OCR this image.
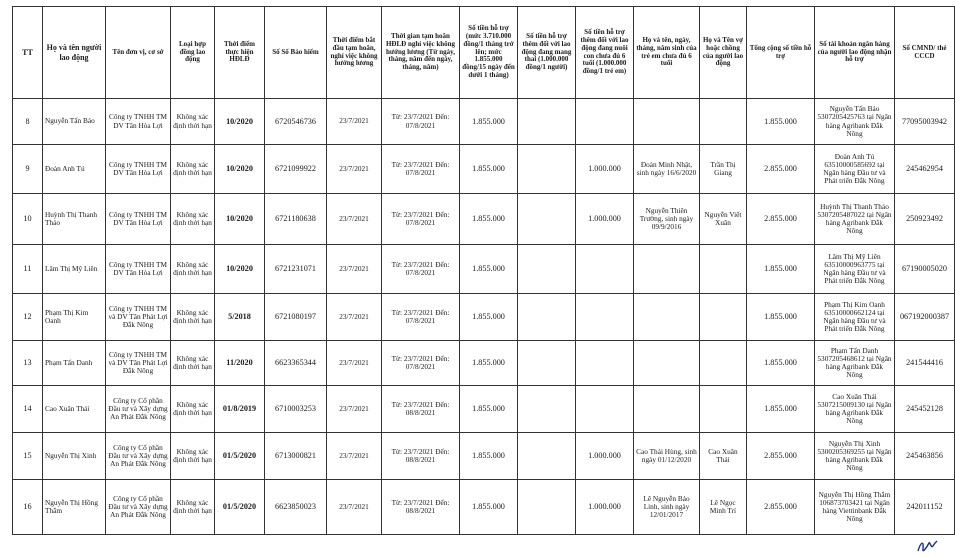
TT	Họ và tên người lao động	Tên đơn vị, cơ sở	Loại hợp đồng lao động	Thời điểm thực hiện HĐLĐ	Số Sổ Bảo hiểm	Thời điểm bắt đầu tạm hoãn, nghỉ việc không hưởng lương	Thời gian tạm hoãn HĐLĐ nghỉ việc không hưởng lương (Từ ngày, tháng, năm đến ngày, tháng, năm)	Số tiền hỗ trợ (mức 3.710.000 đồng/1 tháng trở lên; mức 1.855.000 đồng/15 ngày đến dưới 1 tháng)	Số tiền hỗ trợ thêm đối với lao động đang mang thai (1.000.000 đồng/1 người)	Số tiền hỗ trợ thêm đối với lao động đang nuôi con chưa đủ 6 tuổi (1.000.000 đồng/1 trẻ em)	Họ và tên, ngày, tháng, năm sinh của trẻ em chưa đủ 6 tuổi	Họ và Tên vợ hoặc chồng của người lao động	Tổng cộng số tiền hỗ trợ	Số tài khoản ngân hàng của người lao động nhận hỗ trợ	Số CMND/ thẻ CCCD
8	Nguyễn Tấn Bảo	Công ty TNHH TM DV Tân Hòa Lợi	Không xác định thời hạn	10/2020	6720546736	23/7/2021	Từ: 23/7/2021 Đến: 07/8/2021	1.855.000					1.855.000	Nguyễn Tấn Bảo 5307205425763 tại Ngân hàng Agribank Đắk Nông	77095003942
9	Đoàn Anh Tú	Công ty TNHH TM DV Tân Hòa Lợi	Không xác định thời hạn	10/2020	6721099922	23/7/2021	Từ: 23/7/2021 Đến: 07/8/2021	1.855.000		1.000.000	Đoàn Minh Nhật, sinh ngày 16/6/2020	Trần Thị Giang	2.855.000	Đoàn Anh Tú 63510000585692 tại Ngân hàng Đầu tư và Phát triển Đắk Nông	245462954
10	Huỳnh Thị Thanh Thảo	Công ty TNHH TM DV Tân Hòa Lợi	Không xác định thời hạn	10/2020	6721180638	23/7/2021	Từ: 23/7/2021 Đến: 07/8/2021	1.855.000		1.000.000	Nguyễn Thiên Trường, sinh ngày 09/9/2016	Nguyễn Viết Xuân	2.855.000	Huỳnh Thị Thanh Thảo 5307205487022 tại Ngân hàng Agribank Đắk Nông	250923492
11	Lâm Thị Mỹ Liên	Công ty TNHH TM DV Tân Hòa Lợi	Không xác định thời hạn	10/2020	6721231071	23/7/2021	Từ: 23/7/2021 Đến: 07/8/2021	1.855.000					1.855.000	Lâm Thị Mỹ Liên 63510000963775 tại Ngân hàng Đầu tư và Phát triển Đắk Nông	67190005020
12	Phạm Thị Kim Oanh	Công ty TNHH TM và DV Tân Phát Lợi Đắk Nông	Không xác định thời hạn	5/2018	6721080197	23/7/2021	Từ: 23/7/2021 Đến: 07/8/2021	1.855.000					1.855.000	Phạm Thị Kim Oanh 63510000662124 tại Ngân hàng Đầu tư và Phát triển Đắk Nông	067192000387
13	Phạm Tấn Danh	Công ty TNHH TM và DV Tân Phát Lợi Đắk Nông	Không xác định thời hạn	11/2020	6623365344	23/7/2021	Từ: 23/7/2021 Đến: 07/8/2021	1.855.000					1.855.000	Phạm Tấn Danh 5307205468612 tại Ngân hàng Agribank Đắk Nông	241544416
14	Cao Xuân Thái	Công ty Cổ phần Đầu tư và Xây dựng An Phát Đắk Nông	Không xác định thời hạn	01/8/2019	6710003253	23/7/2021	Từ: 23/7/2021 Đến: 08/8/2021	1.855.000					1.855.000	Cao Xuân Thái 5307215009130 tại Ngân hàng Agribank Đắk Nông	245452128
15	Nguyễn Thị Xinh	Công ty Cổ phần Đầu tư và Xây dựng An Phát Đắk Nông	Không xác định thời hạn	01/5/2020	6713000821	23/7/2021	Từ: 23/7/2021 Đến: 08/8/2021	1.855.000		1.000.000	Cao Thái Hùng, sinh ngày 01/12/2020	Cao Xuân Thái	2.855.000	Nguyễn Thị Xinh 5300205369255 tại Ngân hàng Agribank Đắk Nông	245463856
16	Nguyễn Thị Hồng Thắm	Công ty Cổ phần Đầu tư và Xây dựng An Phát Đắk Nông	Không xác định thời hạn	01/5/2020	6623850023	23/7/2021	Từ: 23/7/2021 Đến: 08/8/2021	1.855.000		1.000.000	Lê Nguyễn Bảo Linh, sinh ngày 12/01/2017	Lê Ngọc Minh Trí	2.855.000	Nguyễn Thị Hồng Thắm 106873703421 tại Ngân hàng Viettinbank Đắk Nông	242011152
